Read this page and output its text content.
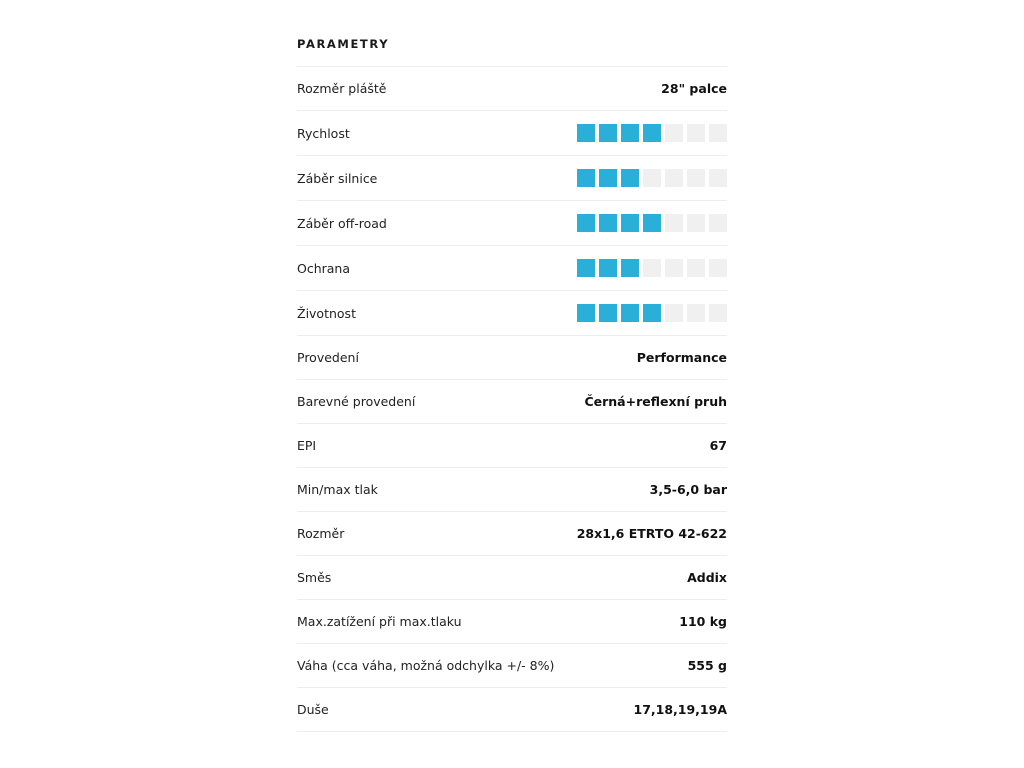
PARAMETRY
Rozměr pláště	28" palce
Rychlost
Záběr silnice
Záběr off-road
Ochrana
Životnost
Provedení	Performance
Barevné provedení	Černá+reflexní pruh
EPI	67
Min/max tlak	3,5-6,0 bar
Rozměr	28x1,6 ETRTO 42-622
Směs	Addix
Max.zatížení při max.tlaku	110 kg
Váha (cca váha, možná odchylka +/- 8%)	555 g
Duše	17,18,19,19A
